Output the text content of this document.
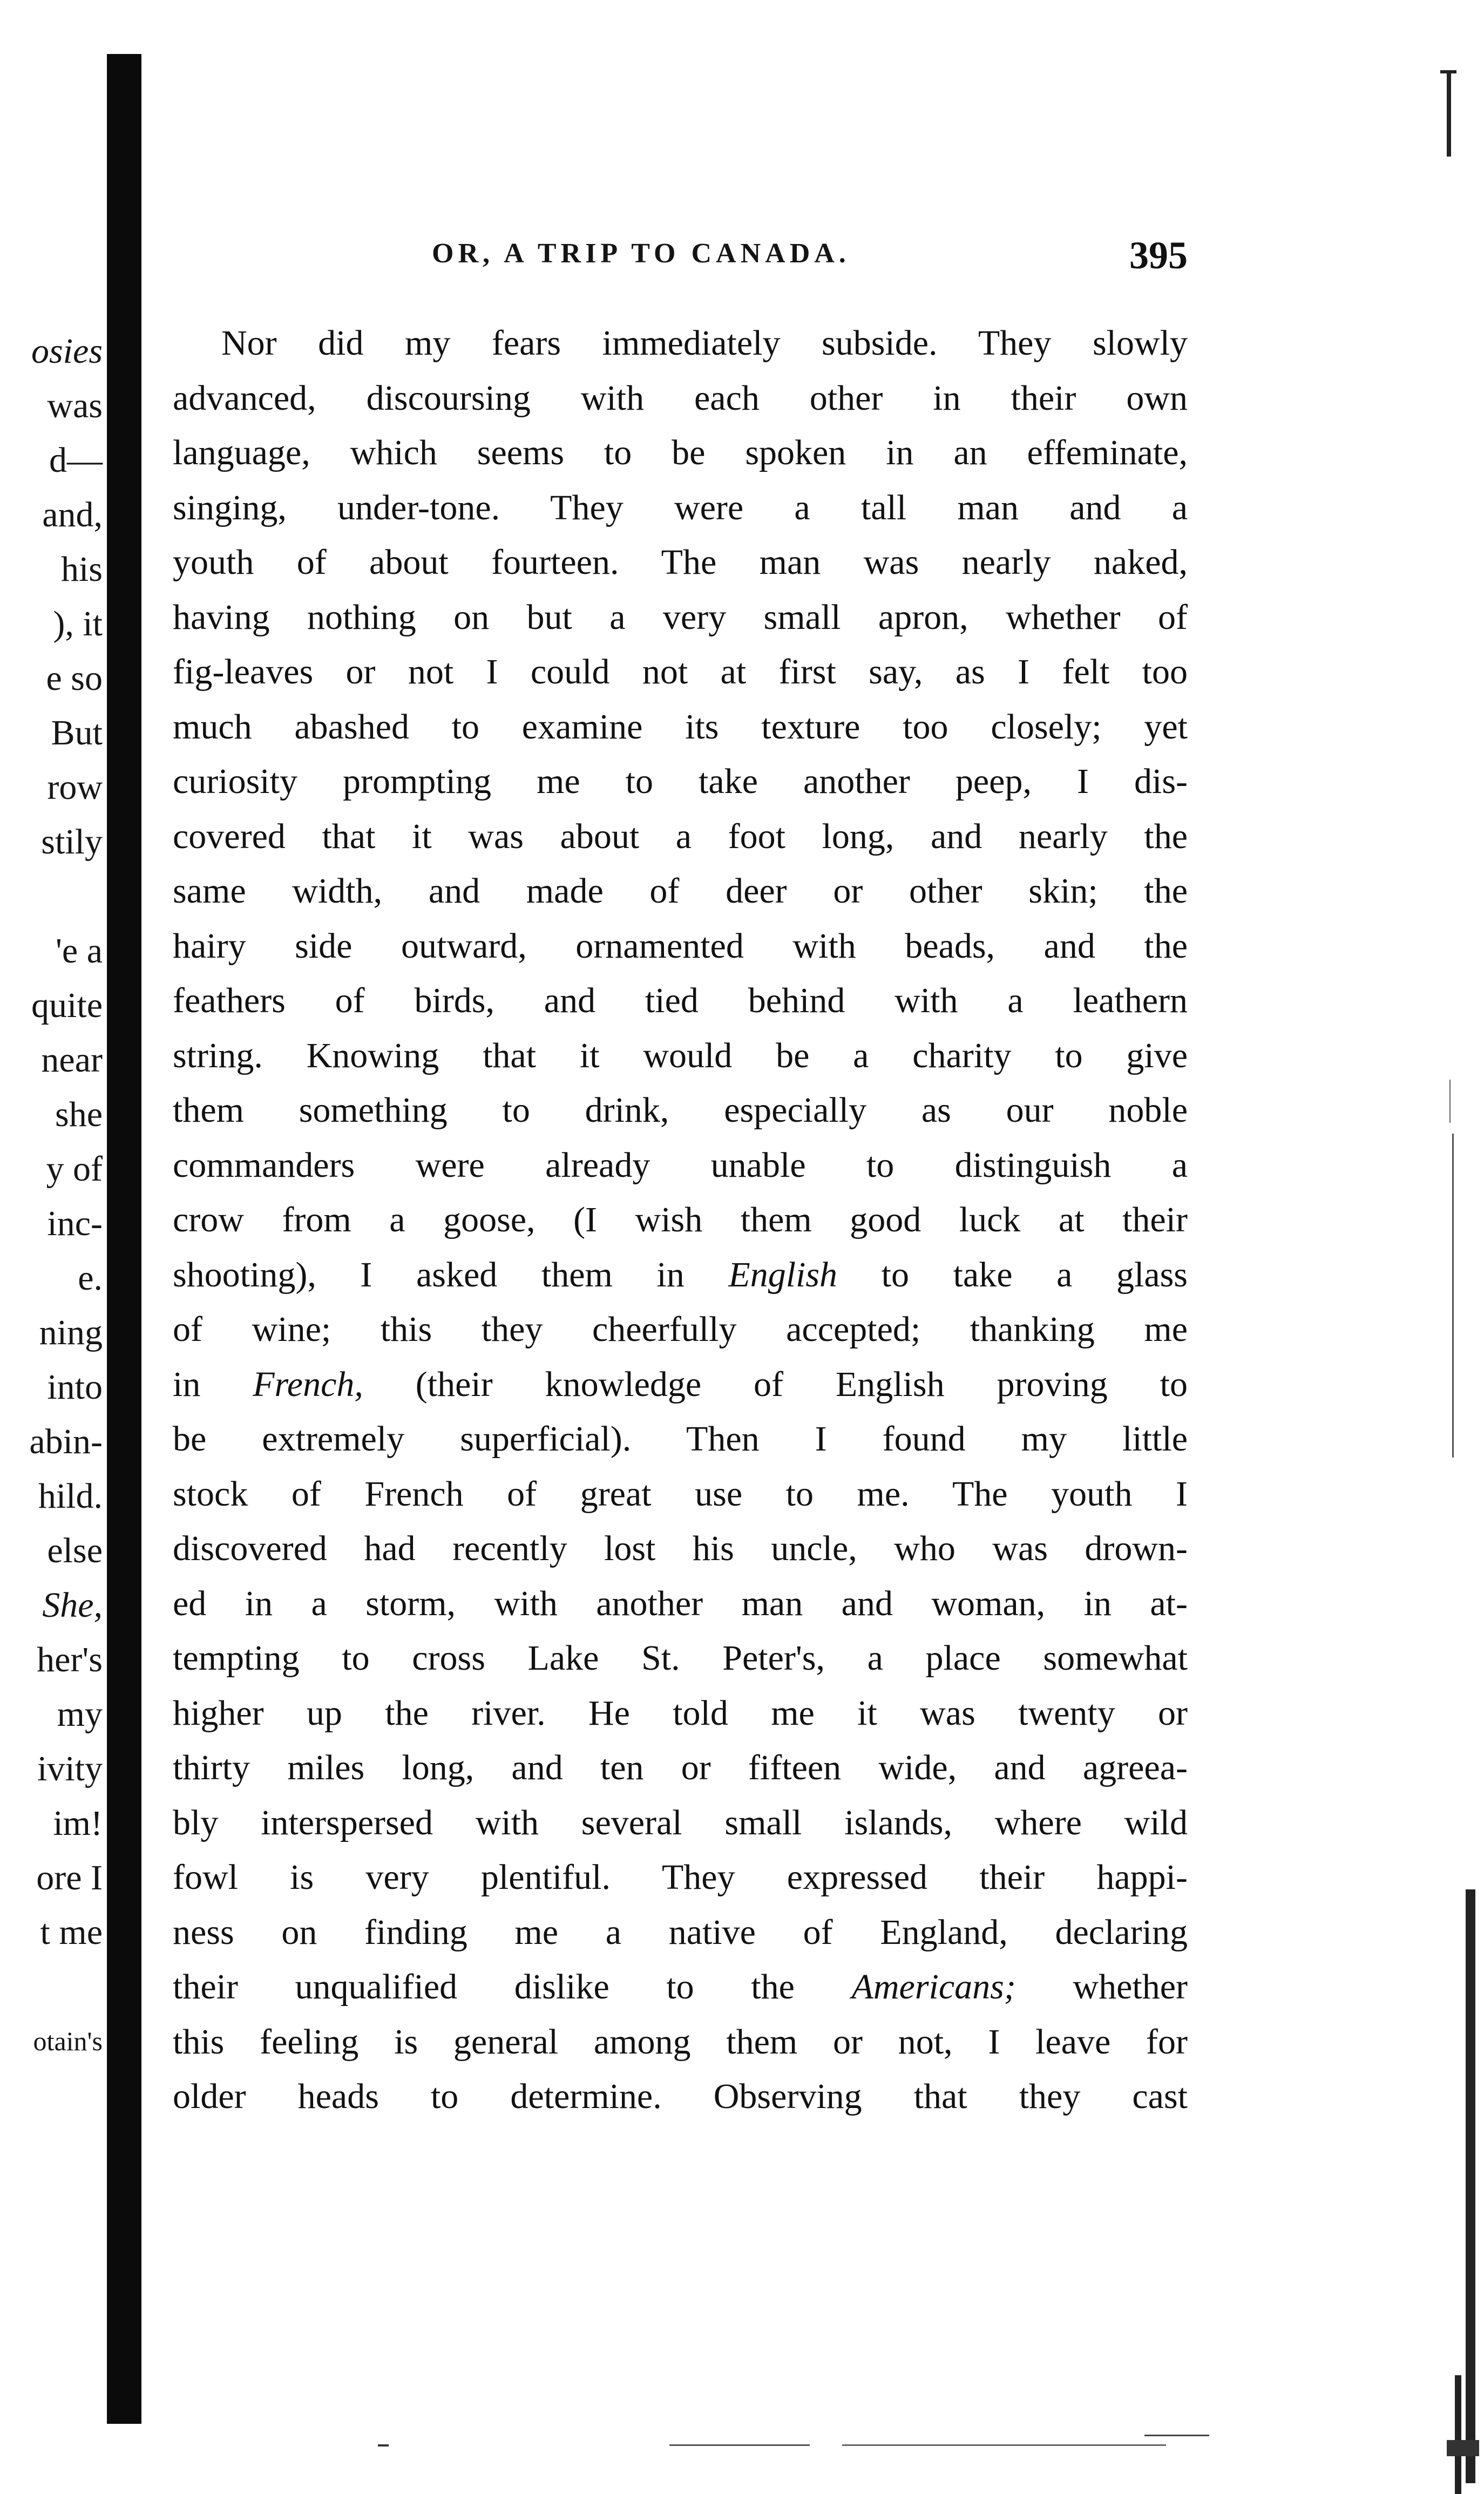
osies
was
d—
and,
his
), it
e so
But
row
stily
'e a
quite
near
she
y of
inc-
e.
ning
into
abin-
hild.
else
She,
her's
my
ivity
im!
ore I
t me
otain's
OR, A TRIP TO CANADA.	395
Nor did my fears immediately subside. They slowly
advanced, discoursing with each other in their own
language, which seems to be spoken in an effeminate,
singing, under-tone. They were a tall man and a
youth of about fourteen. The man was nearly naked,
having nothing on but a very small apron, whether of
fig-leaves or not I could not at first say, as I felt too
much abashed to examine its texture too closely; yet
curiosity prompting me to take another peep, I dis-
covered that it was about a foot long, and nearly the
same width, and made of deer or other skin; the
hairy side outward, ornamented with beads, and the
feathers of birds, and tied behind with a leathern
string. Knowing that it would be a charity to give
them something to drink, especially as our noble
commanders were already unable to distinguish a
crow from a goose, (I wish them good luck at their
shooting), I asked them in English to take a glass
of wine; this they cheerfully accepted; thanking me
in French, (their knowledge of English proving to
be extremely superficial). Then I found my little
stock of French of great use to me. The youth I
discovered had recently lost his uncle, who was drown-
ed in a storm, with another man and woman, in at-
tempting to cross Lake St. Peter's, a place somewhat
higher up the river. He told me it was twenty or
thirty miles long, and ten or fifteen wide, and agreea-
bly interspersed with several small islands, where wild
fowl is very plentiful. They expressed their happi-
ness on finding me a native of England, declaring
their unqualified dislike to the Americans; whether
this feeling is general among them or not, I leave for
older heads to determine. Observing that they cast
